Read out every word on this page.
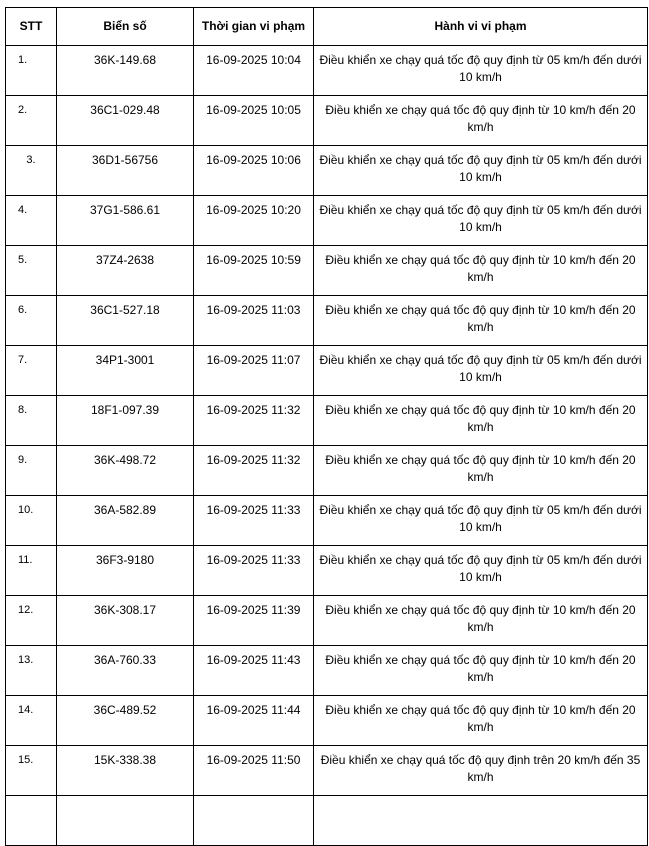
STT	Biển số	Thời gian vi phạm	Hành vi vi phạm
1.	36K-149.68	16-09-2025 10:04	Điều khiển xe chạy quá tốc độ quy định từ 05 km/h đến dưới 10 km/h
2.	36C1-029.48	16-09-2025 10:05	Điều khiển xe chạy quá tốc độ quy định từ 10 km/h đến 20 km/h
3.	36D1-56756	16-09-2025 10:06	Điều khiển xe chạy quá tốc độ quy định từ 05 km/h đến dưới 10 km/h
4.	37G1-586.61	16-09-2025 10:20	Điều khiển xe chạy quá tốc độ quy định từ 05 km/h đến dưới 10 km/h
5.	37Z4-2638	16-09-2025 10:59	Điều khiển xe chạy quá tốc độ quy định từ 10 km/h đến 20 km/h
6.	36C1-527.18	16-09-2025 11:03	Điều khiển xe chạy quá tốc độ quy định từ 10 km/h đến 20 km/h
7.	34P1-3001	16-09-2025 11:07	Điều khiển xe chạy quá tốc độ quy định từ 05 km/h đến dưới 10 km/h
8.	18F1-097.39	16-09-2025 11:32	Điều khiển xe chạy quá tốc độ quy định từ 10 km/h đến 20 km/h
9.	36K-498.72	16-09-2025 11:32	Điều khiển xe chạy quá tốc độ quy định từ 10 km/h đến 20 km/h
10.	36A-582.89	16-09-2025 11:33	Điều khiển xe chạy quá tốc độ quy định từ 05 km/h đến dưới 10 km/h
11.	36F3-9180	16-09-2025 11:33	Điều khiển xe chạy quá tốc độ quy định từ 05 km/h đến dưới 10 km/h
12.	36K-308.17	16-09-2025 11:39	Điều khiển xe chạy quá tốc độ quy định từ 10 km/h đến 20 km/h
13.	36A-760.33	16-09-2025 11:43	Điều khiển xe chạy quá tốc độ quy định từ 10 km/h đến 20 km/h
14.	36C-489.52	16-09-2025 11:44	Điều khiển xe chạy quá tốc độ quy định từ 10 km/h đến 20 km/h
15.	15K-338.38	16-09-2025 11:50	Điều khiển xe chạy quá tốc độ quy định trên 20 km/h đến 35 km/h
